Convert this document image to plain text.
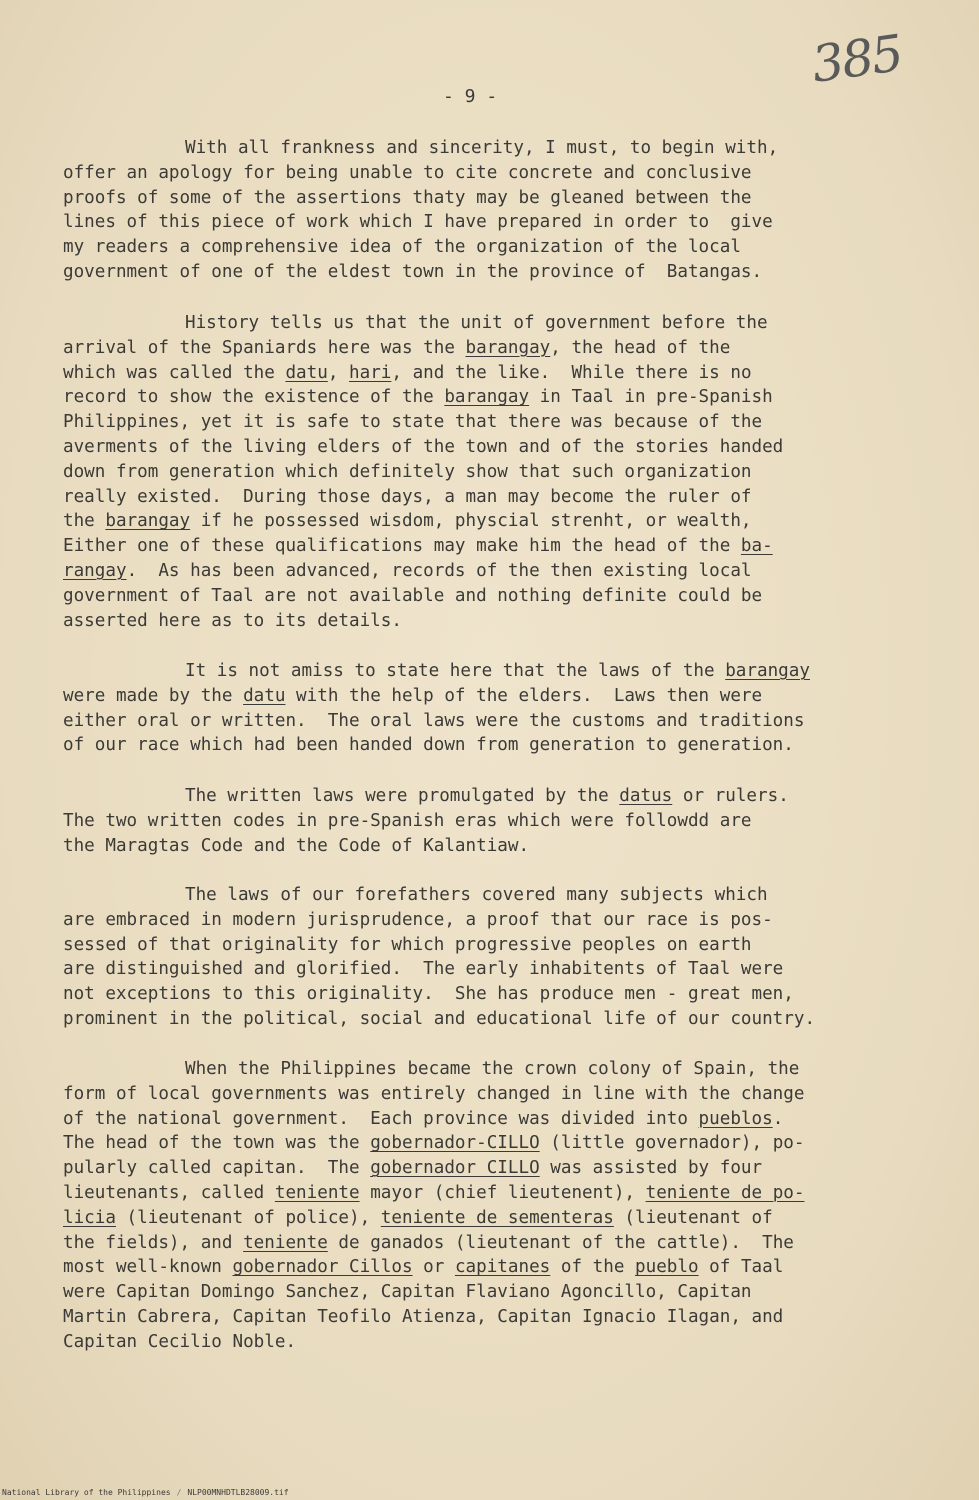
385
- 9 -
With all frankness and sincerity, I must, to begin with,
offer an apology for being unable to cite concrete and conclusive
proofs of some of the assertions thaty may be gleaned between the
lines of this piece of work which I have prepared in order to  give
my readers a comprehensive idea of the organization of the local
government of one of the eldest town in the province of  Batangas.
History tells us that the unit of government before the
arrival of the Spaniards here was the barangay, the head of the
which was called the datu, hari, and the like.  While there is no
record to show the existence of the barangay in Taal in pre-Spanish
Philippines, yet it is safe to state that there was because of the
averments of the living elders of the town and of the stories handed
down from generation which definitely show that such organization
really existed.  During those days, a man may become the ruler of
the barangay if he possessed wisdom, physcial strenht, or wealth,
Either one of these qualifications may make him the head of the ba-
rangay.  As has been advanced, records of the then existing local
government of Taal are not available and nothing definite could be
asserted here as to its details.
It is not amiss to state here that the laws of the barangay
were made by the datu with the help of the elders.  Laws then were
either oral or written.  The oral laws were the customs and traditions
of our race which had been handed down from generation to generation.
The written laws were promulgated by the datus or rulers.
The two written codes in pre-Spanish eras which were followdd are
the Maragtas Code and the Code of Kalantiaw.
The laws of our forefathers covered many subjects which
are embraced in modern jurisprudence, a proof that our race is pos-
sessed of that originality for which progressive peoples on earth
are distinguished and glorified.  The early inhabitents of Taal were
not exceptions to this originality.  She has produce men - great men,
prominent in the political, social and educational life of our country.
When the Philippines became the crown colony of Spain, the
form of local governments was entirely changed in line with the change
of the national government.  Each province was divided into pueblos.
The head of the town was the gobernador-CILLO (little governador), po-
pularly called capitan.  The gobernador CILLO was assisted by four
lieutenants, called teniente mayor (chief lieutenent), teniente de po-
licia (lieutenant of police), teniente de sementeras (lieutenant of
the fields), and teniente de ganados (lieutenant of the cattle).  The
most well-known gobernador Cillos or capitanes of the pueblo of Taal
were Capitan Domingo Sanchez, Capitan Flaviano Agoncillo, Capitan
Martin Cabrera, Capitan Teofilo Atienza, Capitan Ignacio Ilagan, and
Capitan Cecilio Noble.
National Library of the Philippines / NLP00MNHDTLB28009.tif
